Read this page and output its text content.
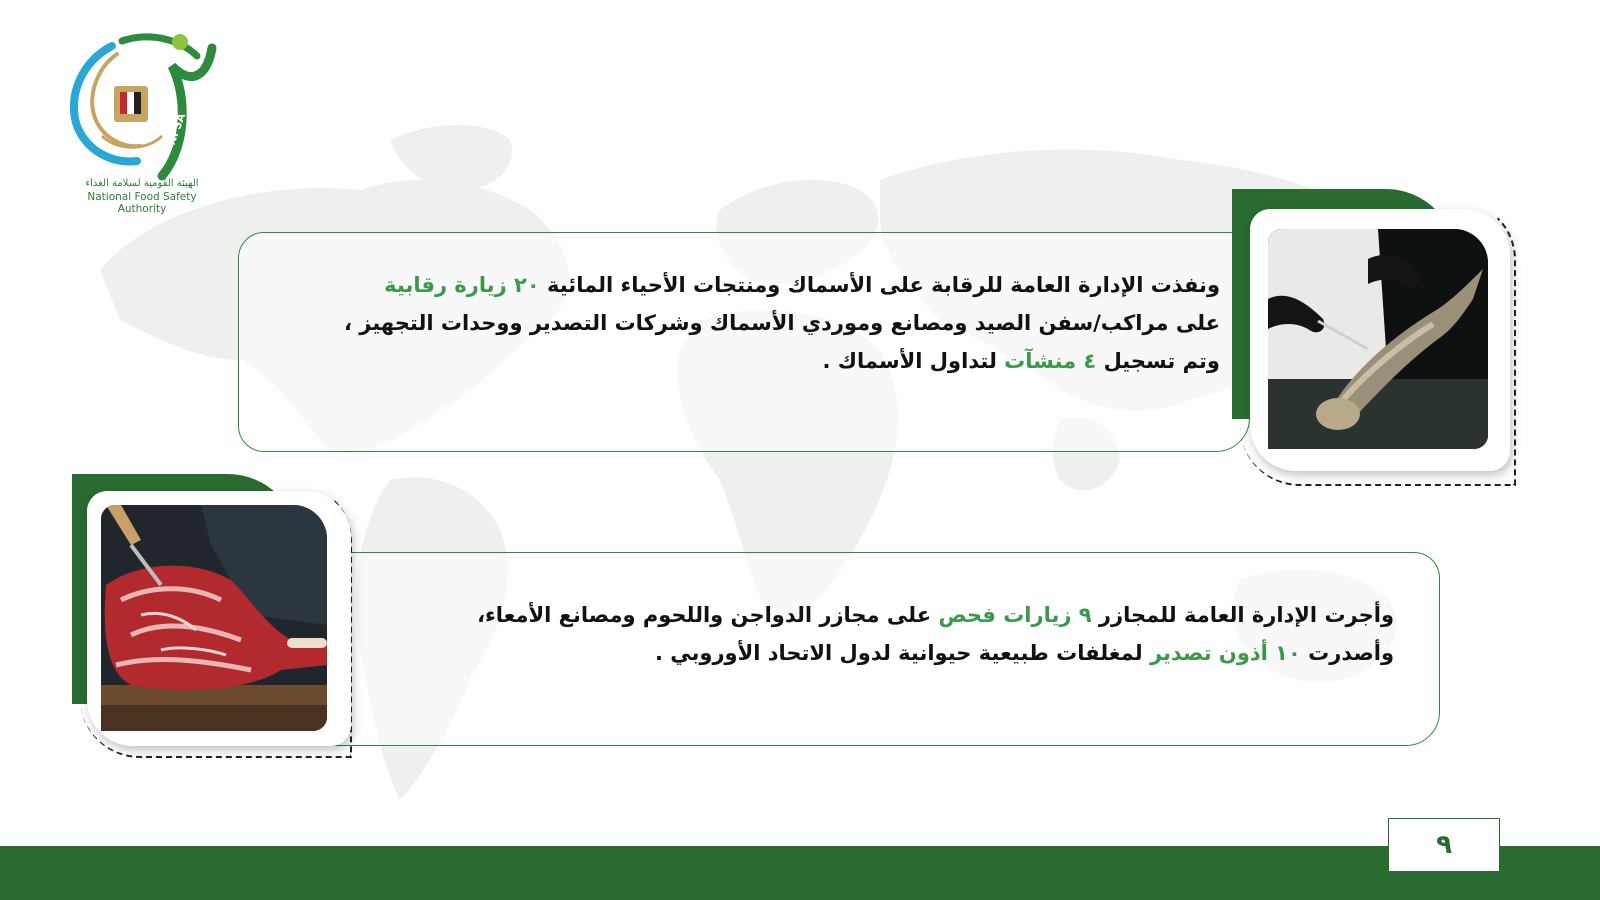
NFSA
الهيئة القومية لسلامة الغذاء
National Food Safety Authority
ونفذت الإدارة العامة للرقابة على الأسماك ومنتجات الأحياء المائية ٢٠ زيارة رقابية
على مراكب/سفن الصيد ومصانع وموردي الأسماك وشركات التصدير ووحدات التجهيز ،
وتم تسجيل ٤ منشآت لتداول الأسماك .
وأجرت الإدارة العامة للمجازر ٩ زيارات فحص على مجازر الدواجن واللحوم ومصانع الأمعاء،
وأصدرت ١٠ أذون تصدير لمغلفات طبيعية حيوانية لدول الاتحاد الأوروبي .
٩
